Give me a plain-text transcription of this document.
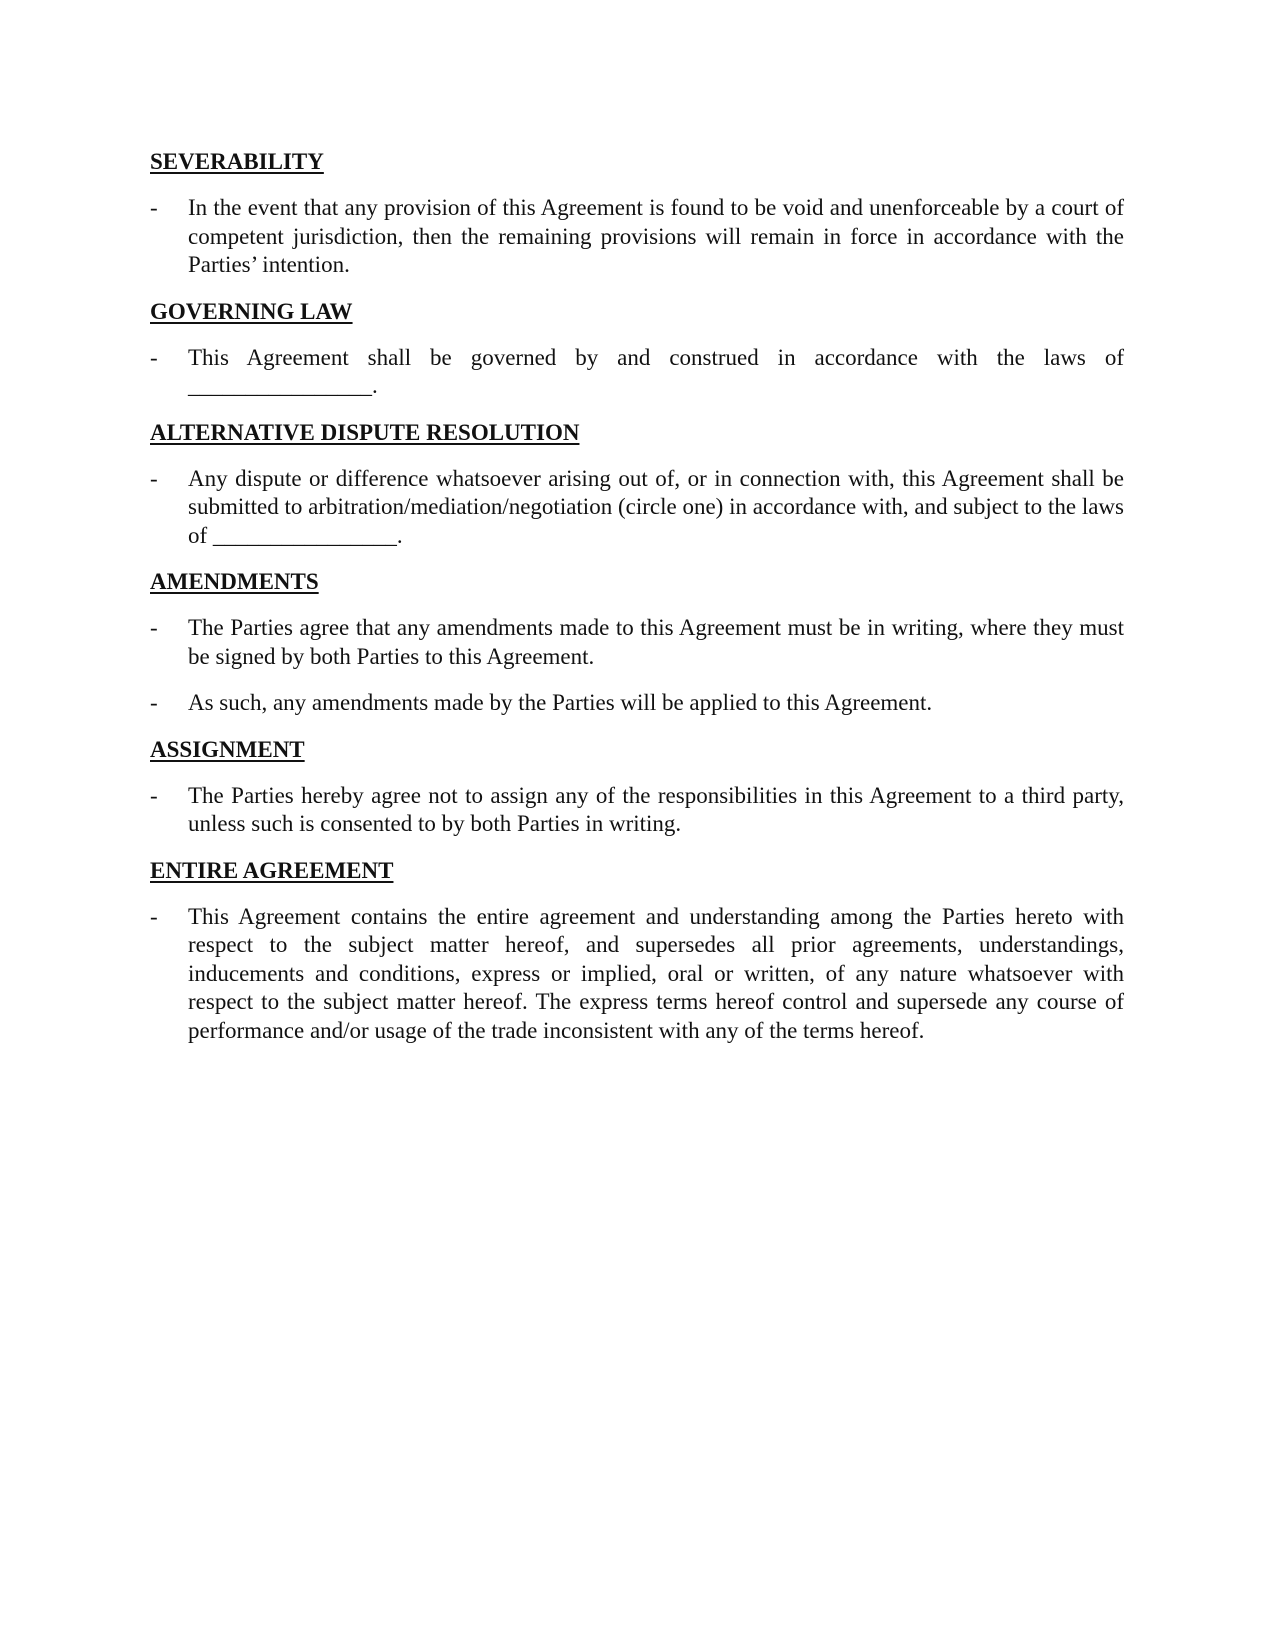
SEVERABILITY
-	In the event that any provision of this Agreement is found to be void and unenforceable by a court of competent jurisdiction, then the remaining provisions will remain in force in accordance with the Parties’ intention.
GOVERNING LAW
-	This Agreement shall be governed by and construed in accordance with the laws of ________________.
ALTERNATIVE DISPUTE RESOLUTION
-	Any dispute or difference whatsoever arising out of, or in connection with, this Agreement shall be submitted to arbitration/mediation/negotiation (circle one) in accordance with, and subject to the laws of ________________.
AMENDMENTS
-	The Parties agree that any amendments made to this Agreement must be in writing, where they must be signed by both Parties to this Agreement.
-	As such, any amendments made by the Parties will be applied to this Agreement.
ASSIGNMENT
-	The Parties hereby agree not to assign any of the responsibilities in this Agreement to a third party, unless such is consented to by both Parties in writing.
ENTIRE AGREEMENT
-	This Agreement contains the entire agreement and understanding among the Parties hereto with respect to the subject matter hereof, and supersedes all prior agreements, understandings, inducements and conditions, express or implied, oral or written, of any nature whatsoever with respect to the subject matter hereof. The express terms hereof control and supersede any course of performance and/or usage of the trade inconsistent with any of the terms hereof.
